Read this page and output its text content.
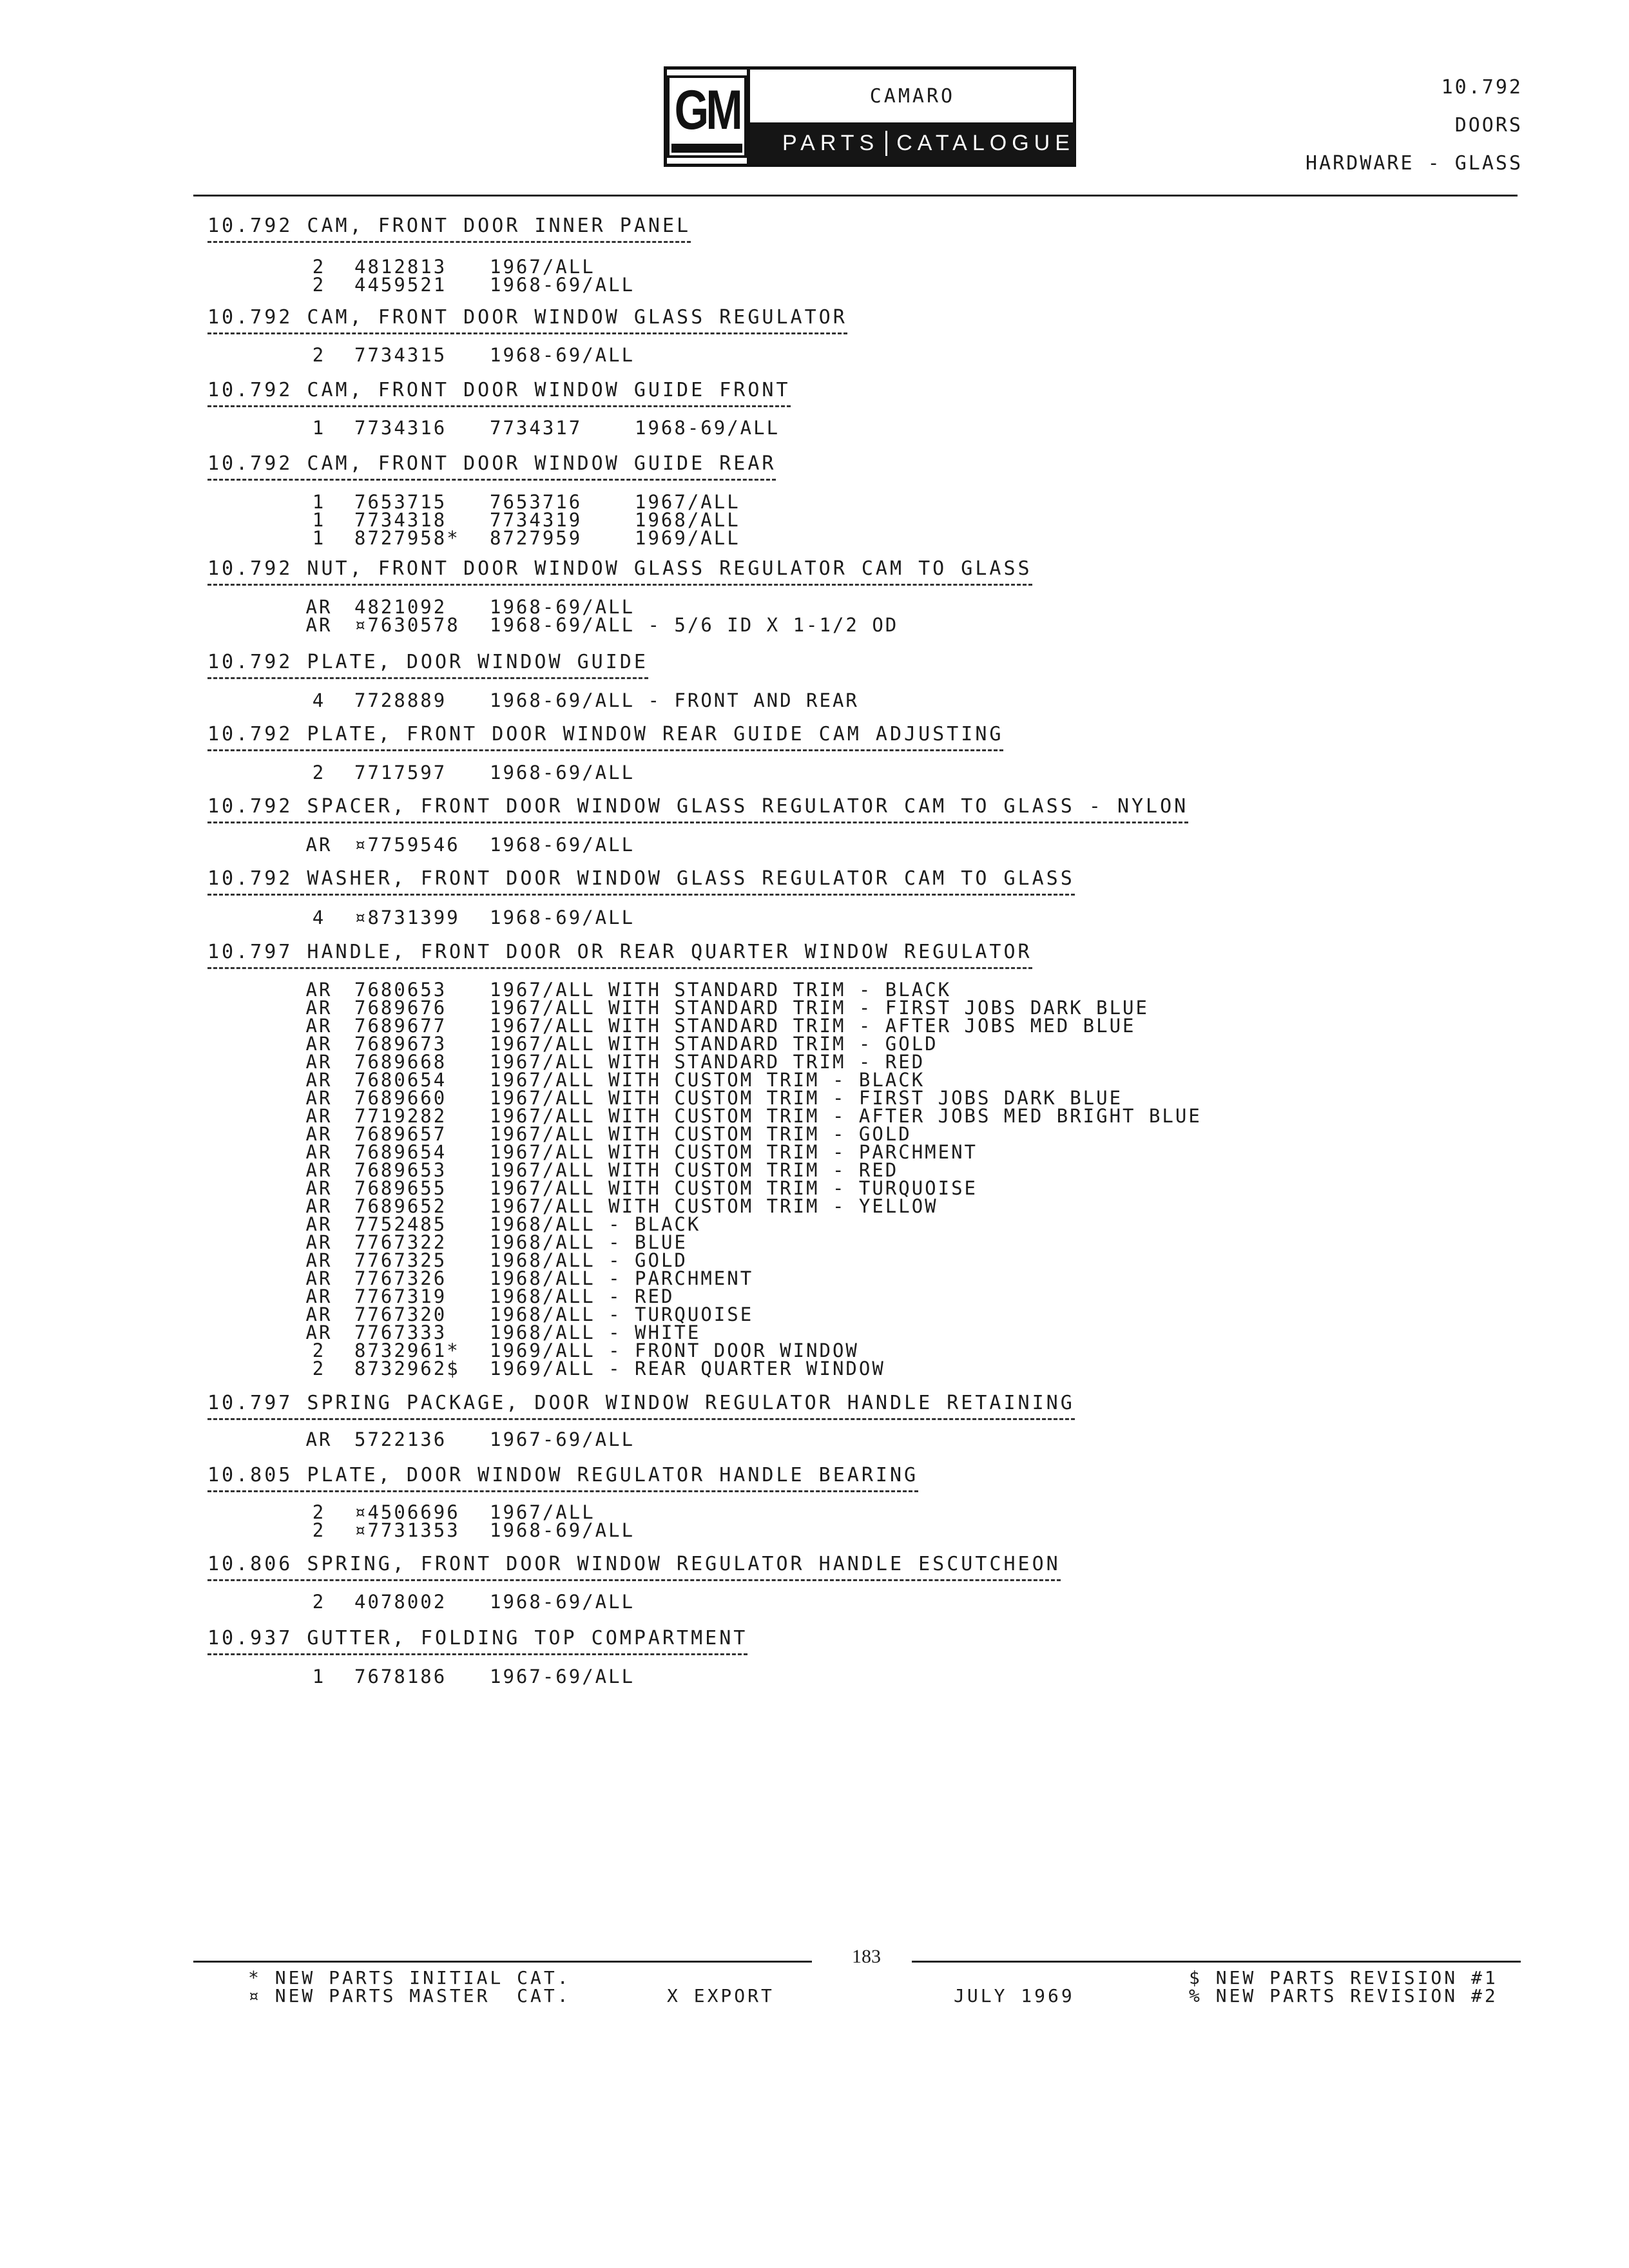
GM	CAMARO
PARTS CATALOGUE
10.792
DOORS
HARDWARE - GLASS
10.792 CAM, FRONT DOOR INNER PANEL
2	4812813	1967/ALL
2	4459521	1968-69/ALL
10.792 CAM, FRONT DOOR WINDOW GLASS REGULATOR
2	7734315	1968-69/ALL
10.792 CAM, FRONT DOOR WINDOW GUIDE FRONT
1	7734316	7734317	1968-69/ALL
10.792 CAM, FRONT DOOR WINDOW GUIDE REAR
1	7653715	7653716	1967/ALL
1	7734318	7734319	1968/ALL
1	8727958*	8727959	1969/ALL
10.792 NUT, FRONT DOOR WINDOW GLASS REGULATOR CAM TO GLASS
AR	4821092	1968-69/ALL
AR	¤7630578	1968-69/ALL - 5/6 ID X 1-1/2 OD
10.792 PLATE, DOOR WINDOW GUIDE
4	7728889	1968-69/ALL - FRONT AND REAR
10.792 PLATE, FRONT DOOR WINDOW REAR GUIDE CAM ADJUSTING
2	7717597	1968-69/ALL
10.792 SPACER, FRONT DOOR WINDOW GLASS REGULATOR CAM TO GLASS - NYLON
AR	¤7759546	1968-69/ALL
10.792 WASHER, FRONT DOOR WINDOW GLASS REGULATOR CAM TO GLASS
4	¤8731399	1968-69/ALL
10.797 HANDLE, FRONT DOOR OR REAR QUARTER WINDOW REGULATOR
AR	7680653	1967/ALL WITH STANDARD TRIM - BLACK
AR	7689676	1967/ALL WITH STANDARD TRIM - FIRST JOBS DARK BLUE
AR	7689677	1967/ALL WITH STANDARD TRIM - AFTER JOBS MED BLUE
AR	7689673	1967/ALL WITH STANDARD TRIM - GOLD
AR	7689668	1967/ALL WITH STANDARD TRIM - RED
AR	7680654	1967/ALL WITH CUSTOM TRIM - BLACK
AR	7689660	1967/ALL WITH CUSTOM TRIM - FIRST JOBS DARK BLUE
AR	7719282	1967/ALL WITH CUSTOM TRIM - AFTER JOBS MED BRIGHT BLUE
AR	7689657	1967/ALL WITH CUSTOM TRIM - GOLD
AR	7689654	1967/ALL WITH CUSTOM TRIM - PARCHMENT
AR	7689653	1967/ALL WITH CUSTOM TRIM - RED
AR	7689655	1967/ALL WITH CUSTOM TRIM - TURQUOISE
AR	7689652	1967/ALL WITH CUSTOM TRIM - YELLOW
AR	7752485	1968/ALL - BLACK
AR	7767322	1968/ALL - BLUE
AR	7767325	1968/ALL - GOLD
AR	7767326	1968/ALL - PARCHMENT
AR	7767319	1968/ALL - RED
AR	7767320	1968/ALL - TURQUOISE
AR	7767333	1968/ALL - WHITE
2	8732961*	1969/ALL - FRONT DOOR WINDOW
2	8732962$	1969/ALL - REAR QUARTER WINDOW
10.797 SPRING PACKAGE, DOOR WINDOW REGULATOR HANDLE RETAINING
AR	5722136	1967-69/ALL
10.805 PLATE, DOOR WINDOW REGULATOR HANDLE BEARING
2	¤4506696	1967/ALL
2	¤7731353	1968-69/ALL
10.806 SPRING, FRONT DOOR WINDOW REGULATOR HANDLE ESCUTCHEON
2	4078002	1968-69/ALL
10.937 GUTTER, FOLDING TOP COMPARTMENT
1	7678186	1967-69/ALL
183
* NEW PARTS INITIAL CAT.
¤ NEW PARTS MASTER  CAT.	X EXPORT	JULY 1969
$ NEW PARTS REVISION #1
% NEW PARTS REVISION #2
